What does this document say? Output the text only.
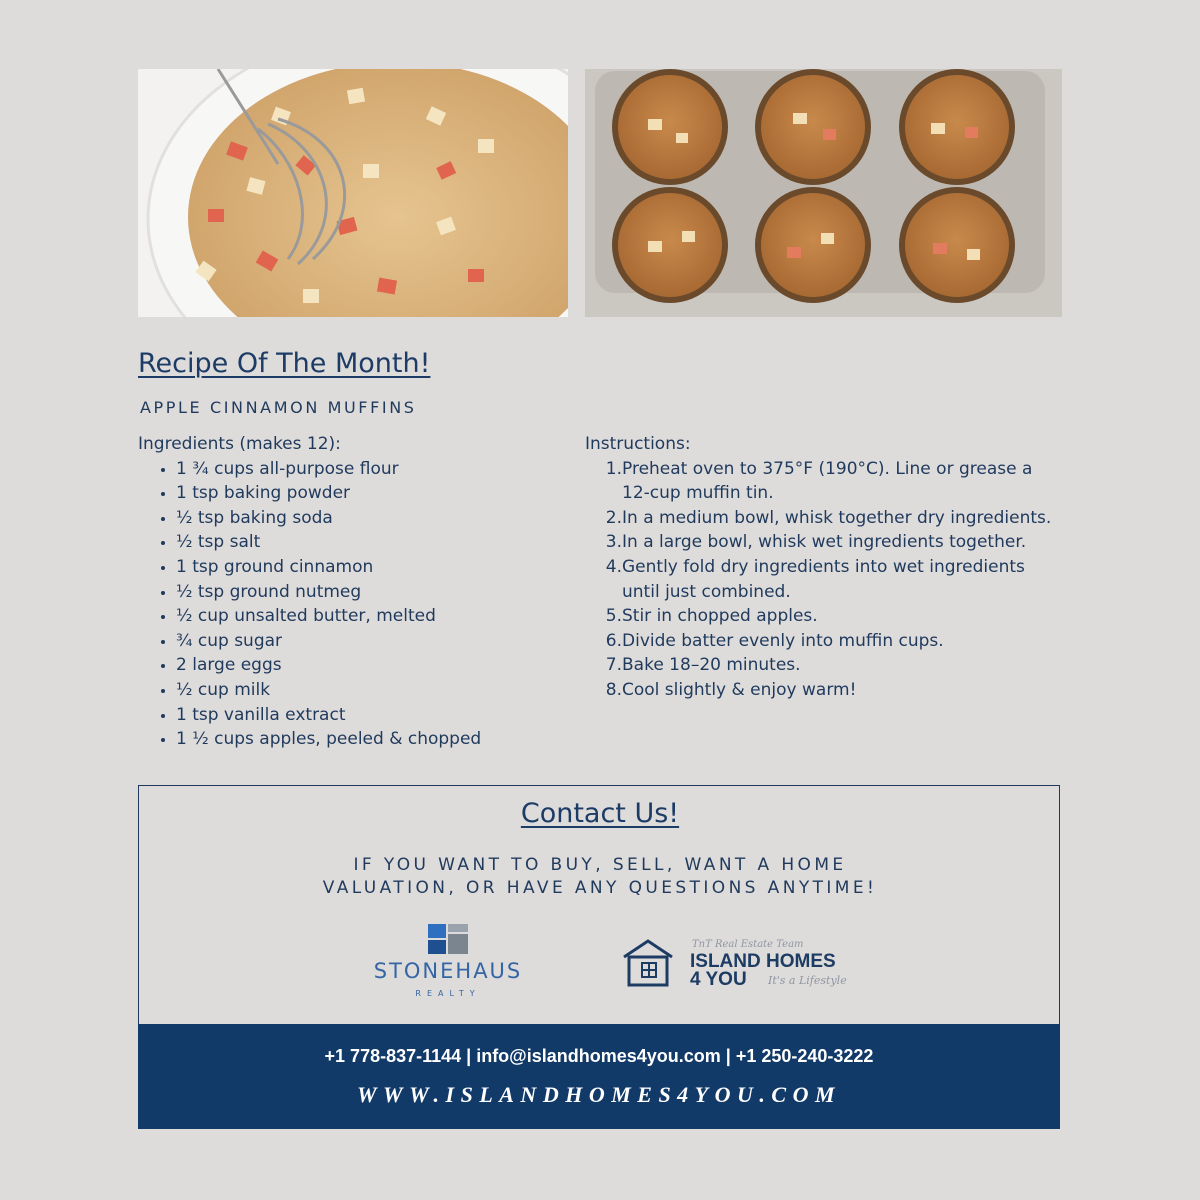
Recipe Of The Month!

APPLE CINNAMON MUFFINS

Ingredients (makes 12):
• 1 ¾ cups all-purpose flour
• 1 tsp baking powder
• ½ tsp baking soda
• ½ tsp salt
• 1 tsp ground cinnamon
• ½ tsp ground nutmeg
• ½ cup unsalted butter, melted
• ¾ cup sugar
• 2 large eggs
• ½ cup milk
• 1 tsp vanilla extract
• 1 ½ cups apples, peeled & chopped
Instructions:
1. Preheat oven to 375°F (190°C). Line or grease a 12-cup muffin tin.
2. In a medium bowl, whisk together dry ingredients.
3. In a large bowl, whisk wet ingredients together.
4. Gently fold dry ingredients into wet ingredients until just combined.
5. Stir in chopped apples.
6. Divide batter evenly into muffin cups.
7. Bake 18–20 minutes.
8. Cool slightly & enjoy warm!
Contact Us!
IF YOU WANT TO BUY, SELL, WANT A HOME
VALUATION, OR HAVE ANY QUESTIONS ANYTIME!
STONEHAUS
REALTY
TnT Real Estate Team
ISLAND HOMES
4 YOU It's a Lifestyle
+1 778-837-1144 | info@islandhomes4you.com | +1 250-240-3222
WWW.ISLANDHOMES4YOU.COM
